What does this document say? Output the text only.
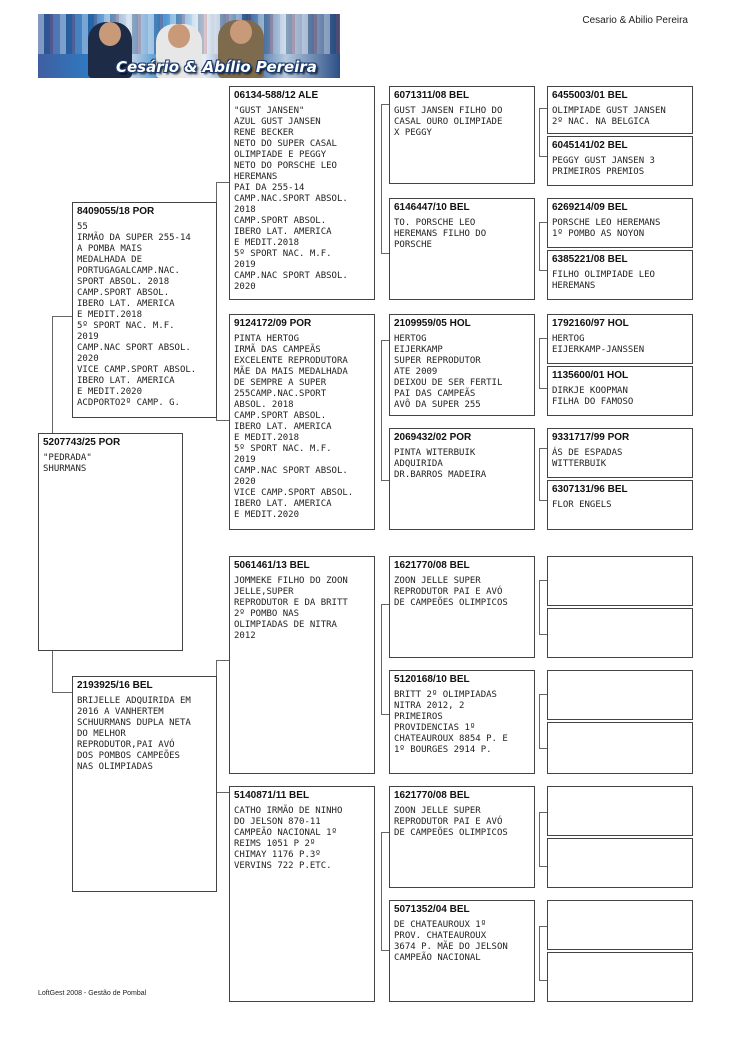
Cesário & Abílio Pereira
Cesario & Abilio Pereira
5207743/25 POR
"PEDRADA"
SHURMANS
8409055/18 POR
55
IRMÃO DA SUPER 255-14
A POMBA MAIS
MEDALHADA DE
PORTUGAGALCAMP.NAC.
SPORT ABSOL. 2018
CAMP.SPORT ABSOL.
IBERO LAT. AMERICA
E MEDIT.2018
5º SPORT NAC. M.F.
2019
CAMP.NAC SPORT ABSOL.
2020
VICE CAMP.SPORT ABSOL.
IBERO LAT. AMERICA
E MEDIT.2020
ACDPORTO2º CAMP. G.
2193925/16 BEL
BRIJELLE ADQUIRIDA EM
2016 A VANHERTEM
SCHUURMANS DUPLA NETA
DO MELHOR
REPRODUTOR,PAI AVÓ
DOS POMBOS CAMPEÕES
NAS OLIMPIADAS
06134-588/12 ALE
"GUST JANSEN"
AZUL GUST JANSEN
RENE BECKER
NETO DO SUPER CASAL
OLIMPIADE E PEGGY
NETO DO PORSCHE LEO
HEREMANS
PAI DA 255-14
CAMP.NAC.SPORT ABSOL.
2018
CAMP.SPORT ABSOL.
IBERO LAT. AMERICA
E MEDIT.2018
5º SPORT NAC. M.F.
2019
CAMP.NAC SPORT ABSOL.
2020
9124172/09 POR
PINTA HERTOG
IRMÃ DAS CAMPEÃS
EXCELENTE REPRODUTORA
MÃE DA MAIS MEDALHADA
DE SEMPRE A SUPER
255CAMP.NAC.SPORT
ABSOL. 2018
CAMP.SPORT ABSOL.
IBERO LAT. AMERICA
E MEDIT.2018
5º SPORT NAC. M.F.
2019
CAMP.NAC SPORT ABSOL.
2020
VICE CAMP.SPORT ABSOL.
IBERO LAT. AMERICA
E MEDIT.2020
5061461/13 BEL
JOMMEKE FILHO DO ZOON
JELLE,SUPER
REPRODUTOR E DA BRITT
2º POMBO NAS
OLIMPIADAS DE NITRA
2012
5140871/11 BEL
CATHO IRMÃO DE NINHO
DO JELSON 870-11
CAMPEÃO NACIONAL 1º
REIMS 1051 P 2º
CHIMAY 1176 P.3º
VERVINS 722 P.ETC.
6071311/08 BEL
GUST JANSEN FILHO DO
CASAL OURO OLIMPIADE
X PEGGY
6146447/10 BEL
TO. PORSCHE LEO
HEREMANS FILHO DO
PORSCHE
2109959/05 HOL
HERTOG
EIJERKAMP
SUPER REPRODUTOR
ATE 2009
DEIXOU DE SER FERTIL
PAI DAS CAMPEÃS
AVÔ DA SUPER 255
2069432/02 POR
PINTA WITERBUIK
ADQUIRIDA
DR.BARROS MADEIRA
1621770/08 BEL
ZOON JELLE SUPER
REPRODUTOR PAI E AVÓ
DE CAMPEÕES OLIMPICOS
5120168/10 BEL
BRITT 2º OLIMPIADAS
NITRA 2012, 2
PRIMEIROS
PROVIDENCIAS 1º
CHATEAUROUX 8854 P. E
1º BOURGES 2914 P.
1621770/08 BEL
ZOON JELLE SUPER
REPRODUTOR PAI E AVÓ
DE CAMPEÕES OLIMPICOS
5071352/04 BEL
DE CHATEAUROUX 1º
PROV. CHATEAUROUX
3674 P. MÃE DO JELSON
CAMPEÃO NACIONAL
6455003/01 BEL
OLIMPIADE GUST JANSEN
2º NAC. NA BELGICA
6045141/02 BEL
PEGGY GUST JANSEN 3
PRIMEIROS PREMIOS
6269214/09 BEL
PORSCHE LEO HEREMANS
1º POMBO AS NOYON
6385221/08 BEL
FILHO OLIMPIADE LEO
HEREMANS
1792160/97 HOL
HERTOG
EIJERKAMP-JANSSEN
1135600/01 HOL
DIRKJE KOOPMAN
FILHA DO FAMOSO
9331717/99 POR
ÁS DE ESPADAS
WITTERBUIK
6307131/96 BEL
FLOR ENGELS
LoftGest 2008 - Gestão de Pombal
